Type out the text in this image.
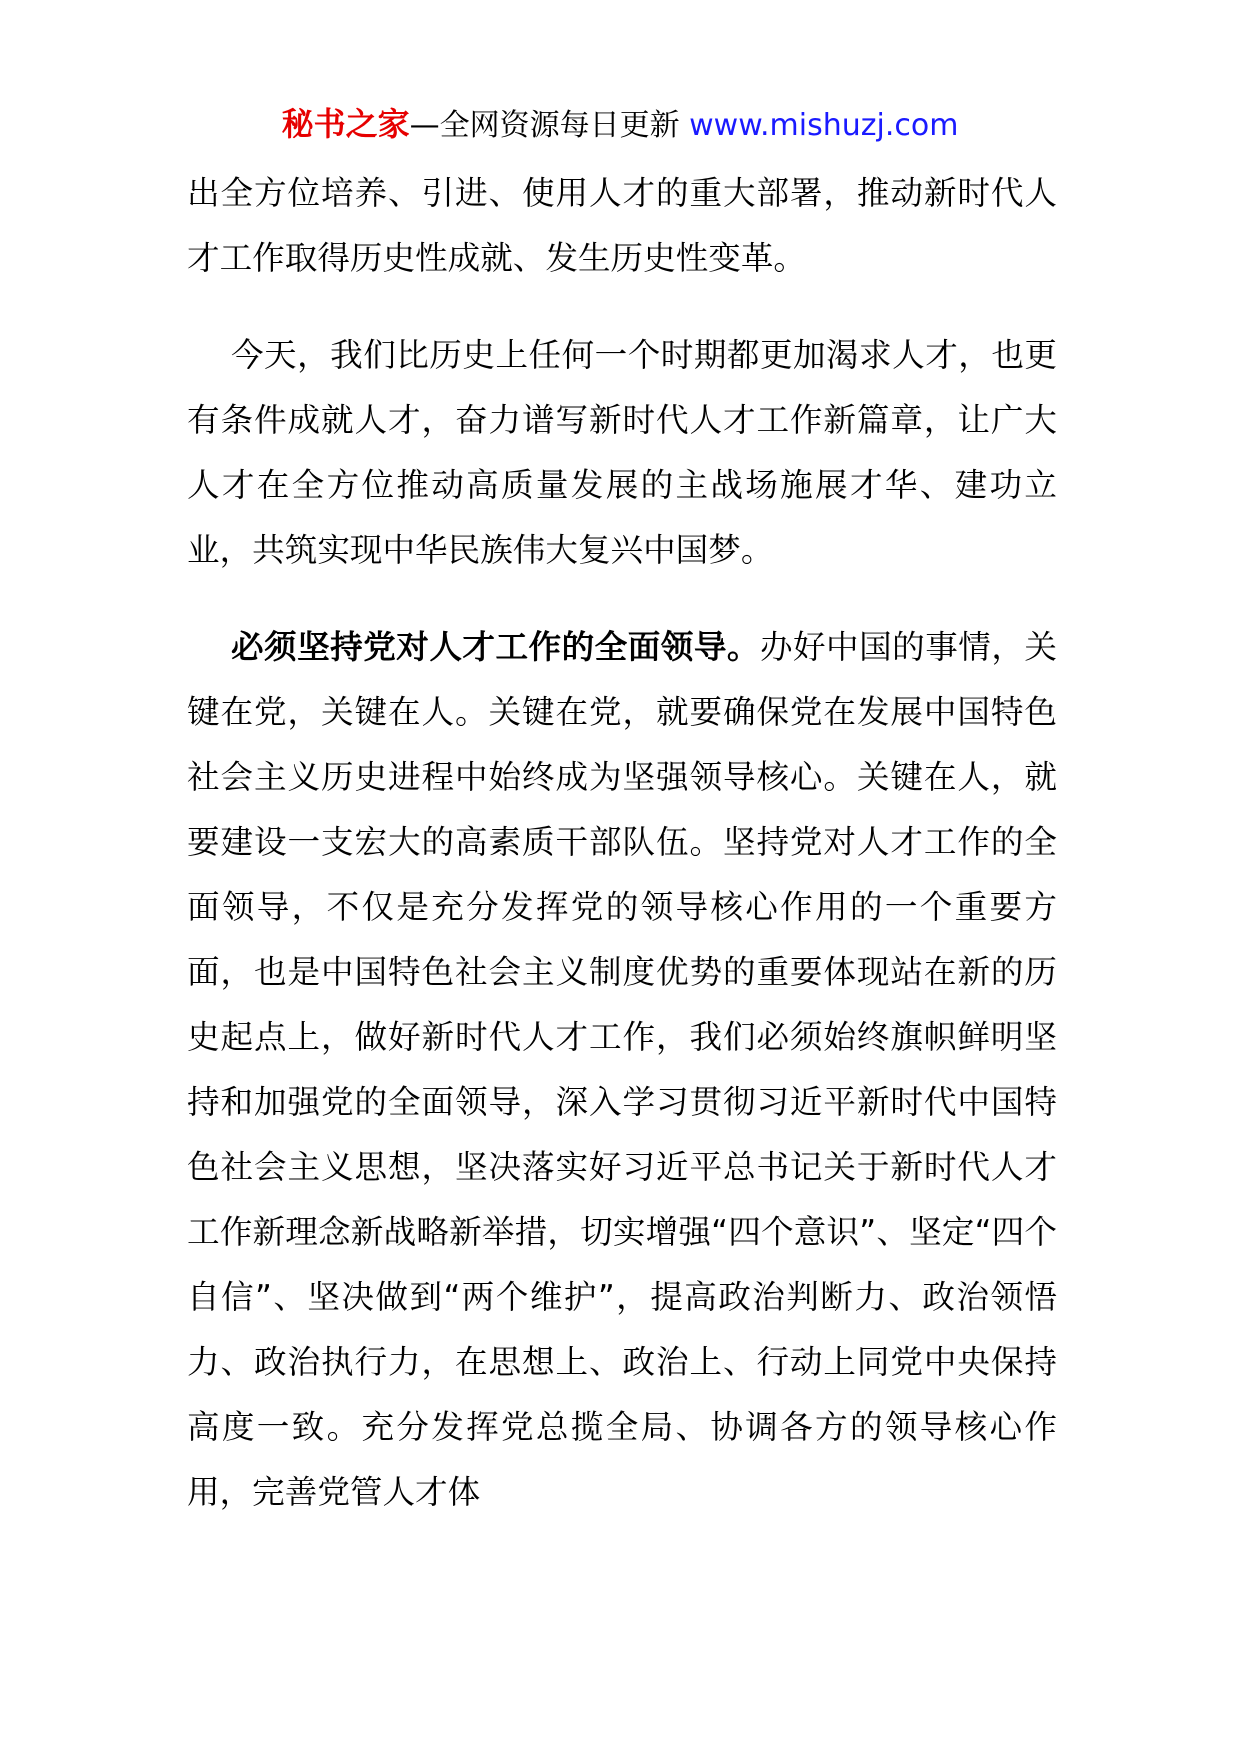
秘书之家—全网资源每日更新 www.mishuzj.com

出全方位培养、引进、使用人才的重大部署，推动新时代人才工作取得历史性成就、发生历史性变革。

今天，我们比历史上任何一个时期都更加渴求人才，也更有条件成就人才，奋力谱写新时代人才工作新篇章，让广大人才在全方位推动高质量发展的主战场施展才华、建功立业，共筑实现中华民族伟大复兴中国梦。

必须坚持党对人才工作的全面领导。办好中国的事情，关键在党，关键在人。关键在党，就要确保党在发展中国特色社会主义历史进程中始终成为坚强领导核心。关键在人，就要建设一支宏大的高素质干部队伍。坚持党对人才工作的全面领导，不仅是充分发挥党的领导核心作用的一个重要方面，也是中国特色社会主义制度优势的重要体现站在新的历史起点上，做好新时代人才工作，我们必须始终旗帜鲜明坚持和加强党的全面领导，深入学习贯彻习近平新时代中国特色社会主义思想，坚决落实好习近平总书记关于新时代人才工作新理念新战略新举措，切实增强“四个意识”、坚定“四个自信”、坚决做到“两个维护”，提高政治判断力、政治领悟力、政治执行力，在思想上、政治上、行动上同党中央保持高度一致。充分发挥党总揽全局、协调各方的领导核心作用，完善党管人才体
